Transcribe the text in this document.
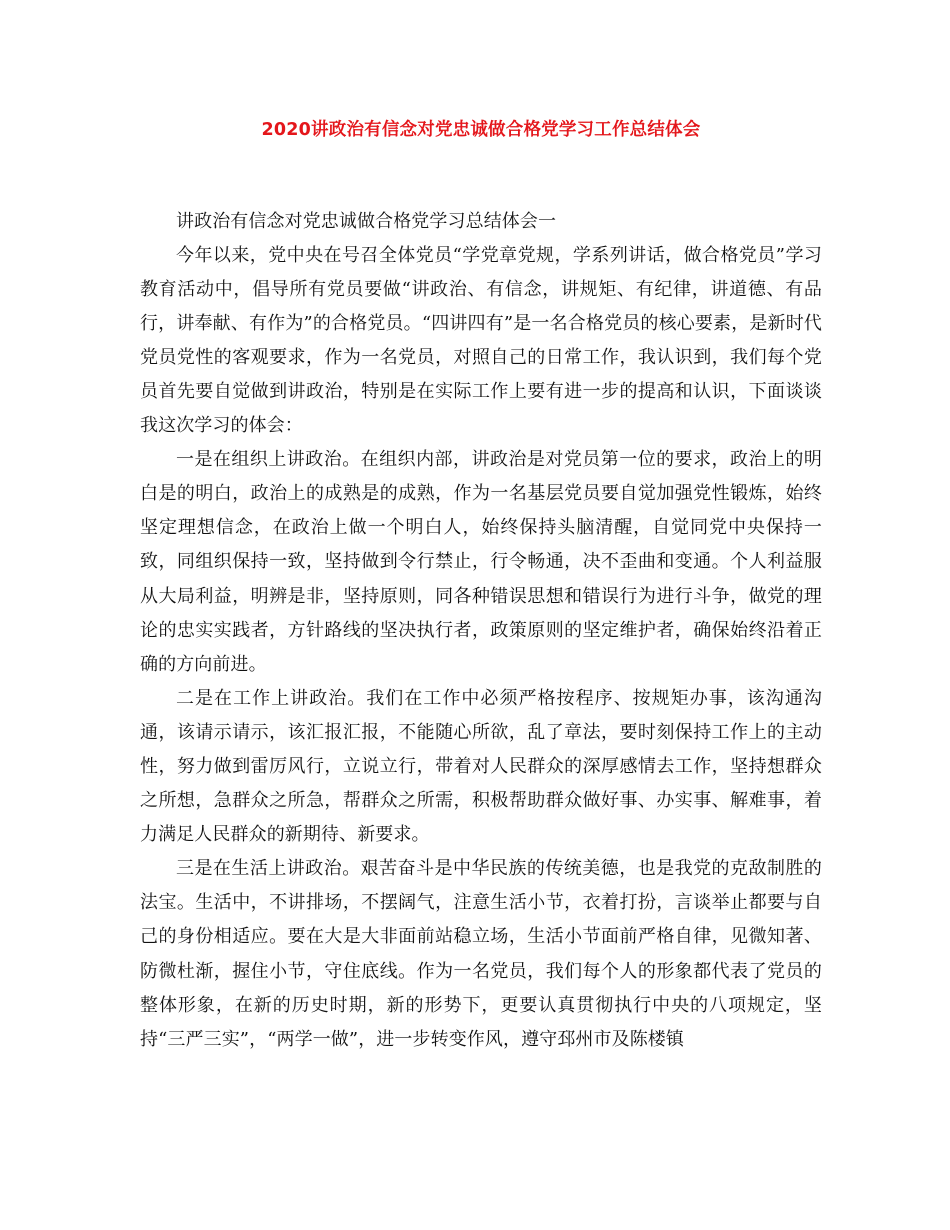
2020讲政治有信念对党忠诚做合格党学习工作总结体会

讲政治有信念对党忠诚做合格党学习总结体会一

今年以来，党中央在号召全体党员“学党章党规，学系列讲话，做合格党员”学习教育活动中，倡导所有党员要做“讲政治、有信念，讲规矩、有纪律，讲道德、有品行，讲奉献、有作为”的合格党员。“四讲四有”是一名合格党员的核心要素，是新时代党员党性的客观要求，作为一名党员，对照自己的日常工作，我认识到，我们每个党员首先要自觉做到讲政治，特别是在实际工作上要有进一步的提高和认识，下面谈谈我这次学习的体会：

一是在组织上讲政治。在组织内部，讲政治是对党员第一位的要求，政治上的明白是的明白，政治上的成熟是的成熟，作为一名基层党员要自觉加强党性锻炼，始终坚定理想信念，在政治上做一个明白人，始终保持头脑清醒，自觉同党中央保持一致，同组织保持一致，坚持做到令行禁止，行令畅通，决不歪曲和变通。个人利益服从大局利益，明辨是非，坚持原则，同各种错误思想和错误行为进行斗争，做党的理论的忠实实践者，方针路线的坚决执行者，政策原则的坚定维护者，确保始终沿着正确的方向前进。

二是在工作上讲政治。我们在工作中必须严格按程序、按规矩办事，该沟通沟通，该请示请示，该汇报汇报，不能随心所欲，乱了章法，要时刻保持工作上的主动性，努力做到雷厉风行，立说立行，带着对人民群众的深厚感情去工作，坚持想群众之所想，急群众之所急，帮群众之所需，积极帮助群众做好事、办实事、解难事，着力满足人民群众的新期待、新要求。

三是在生活上讲政治。艰苦奋斗是中华民族的传统美德，也是我党的克敌制胜的法宝。生活中，不讲排场，不摆阔气，注意生活小节，衣着打扮，言谈举止都要与自己的身份相适应。要在大是大非面前站稳立场，生活小节面前严格自律，见微知著、防微杜渐，握住小节，守住底线。作为一名党员，我们每个人的形象都代表了党员的整体形象，在新的历史时期，新的形势下，更要认真贯彻执行中央的八项规定，坚持“三严三实”，“两学一做”，进一步转变作风，遵守邳州市及陈楼镇
